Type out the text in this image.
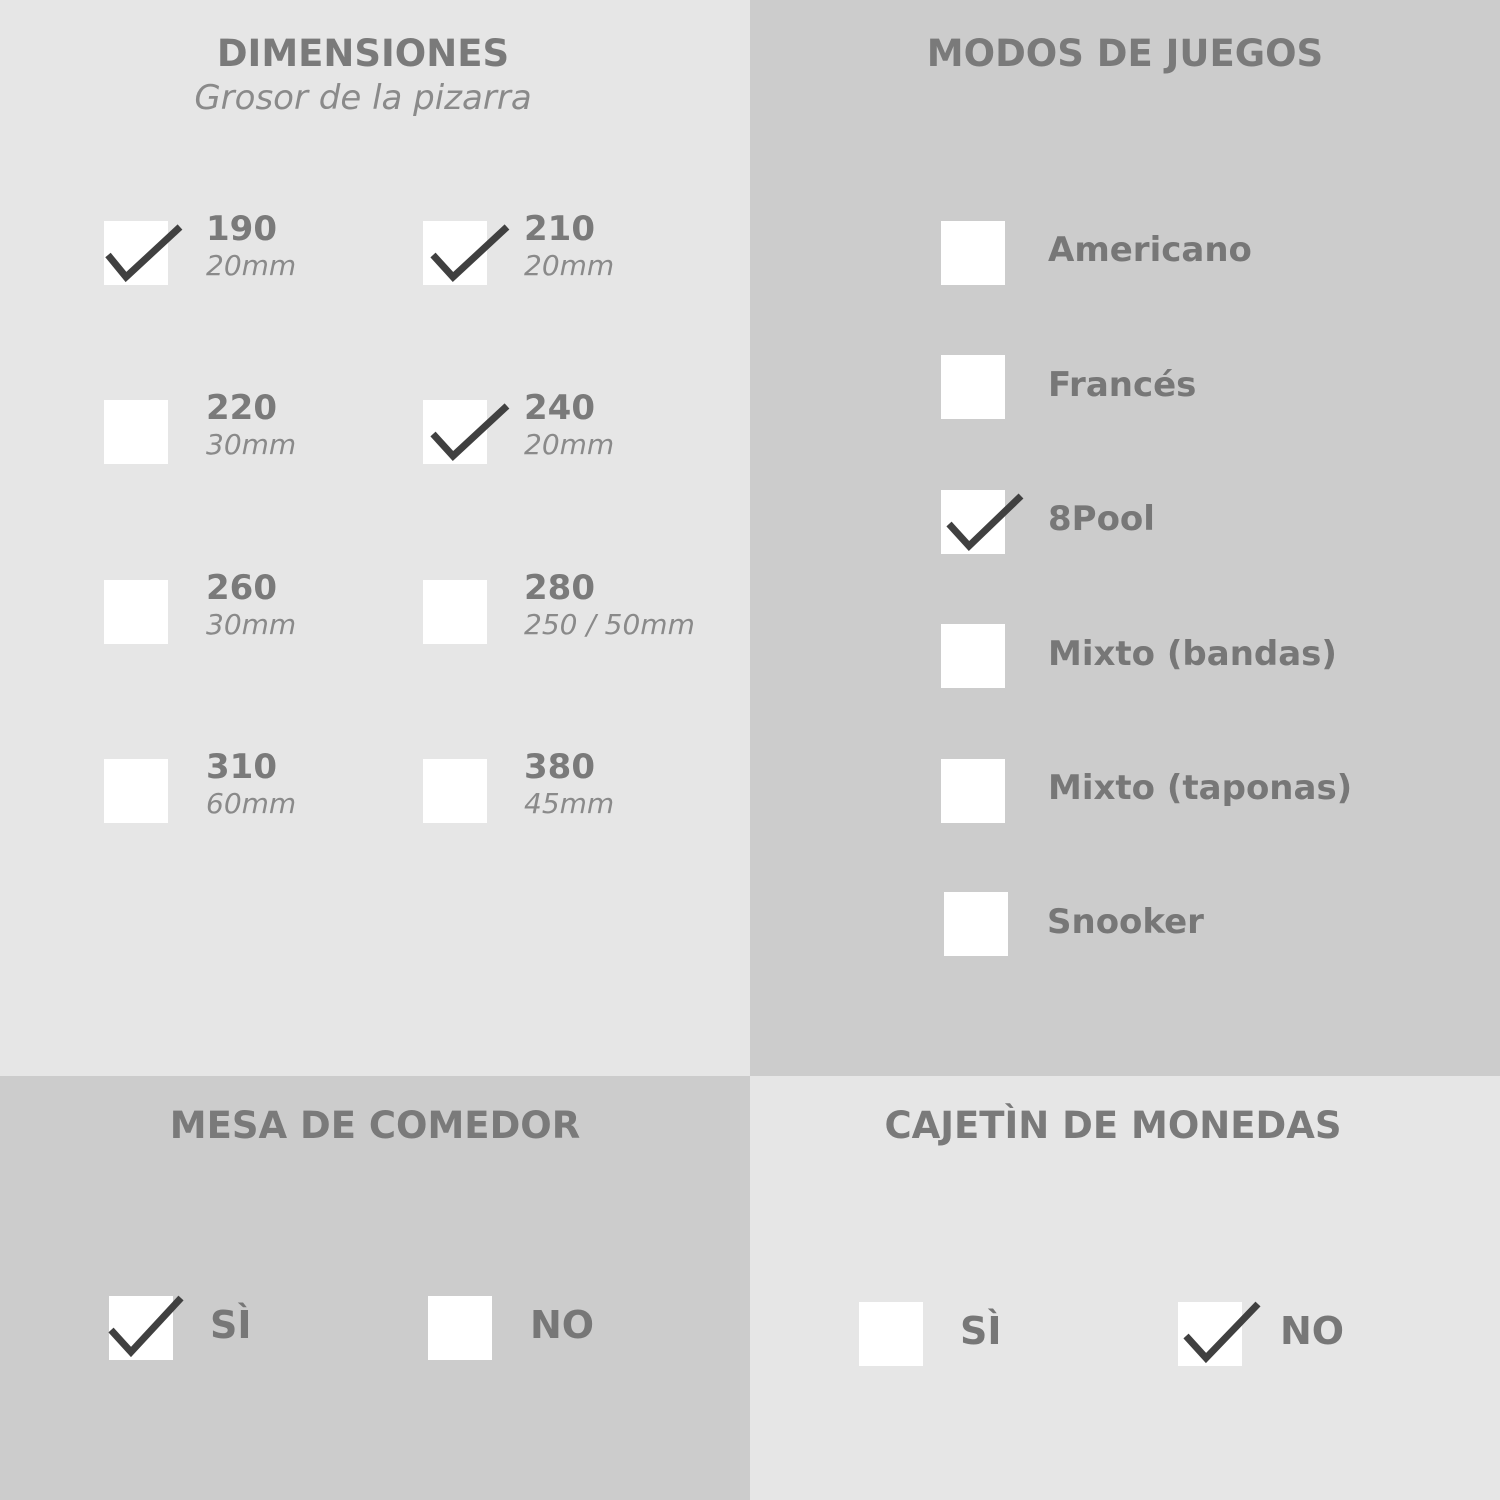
DIMENSIONES

Grosor de la pizarra

190
20mm
210
20mm
220
30mm
240
20mm
260
30mm
280
250 / 50mm
310
60mm
380
45mm
MODOS DE JUEGOS
Americano
Francés
8Pool
Mixto (bandas)
Mixto (taponas)
Snooker
MESA DE COMEDOR
SÌ	NO
CAJETÌN DE MONEDAS
SÌ	NO
